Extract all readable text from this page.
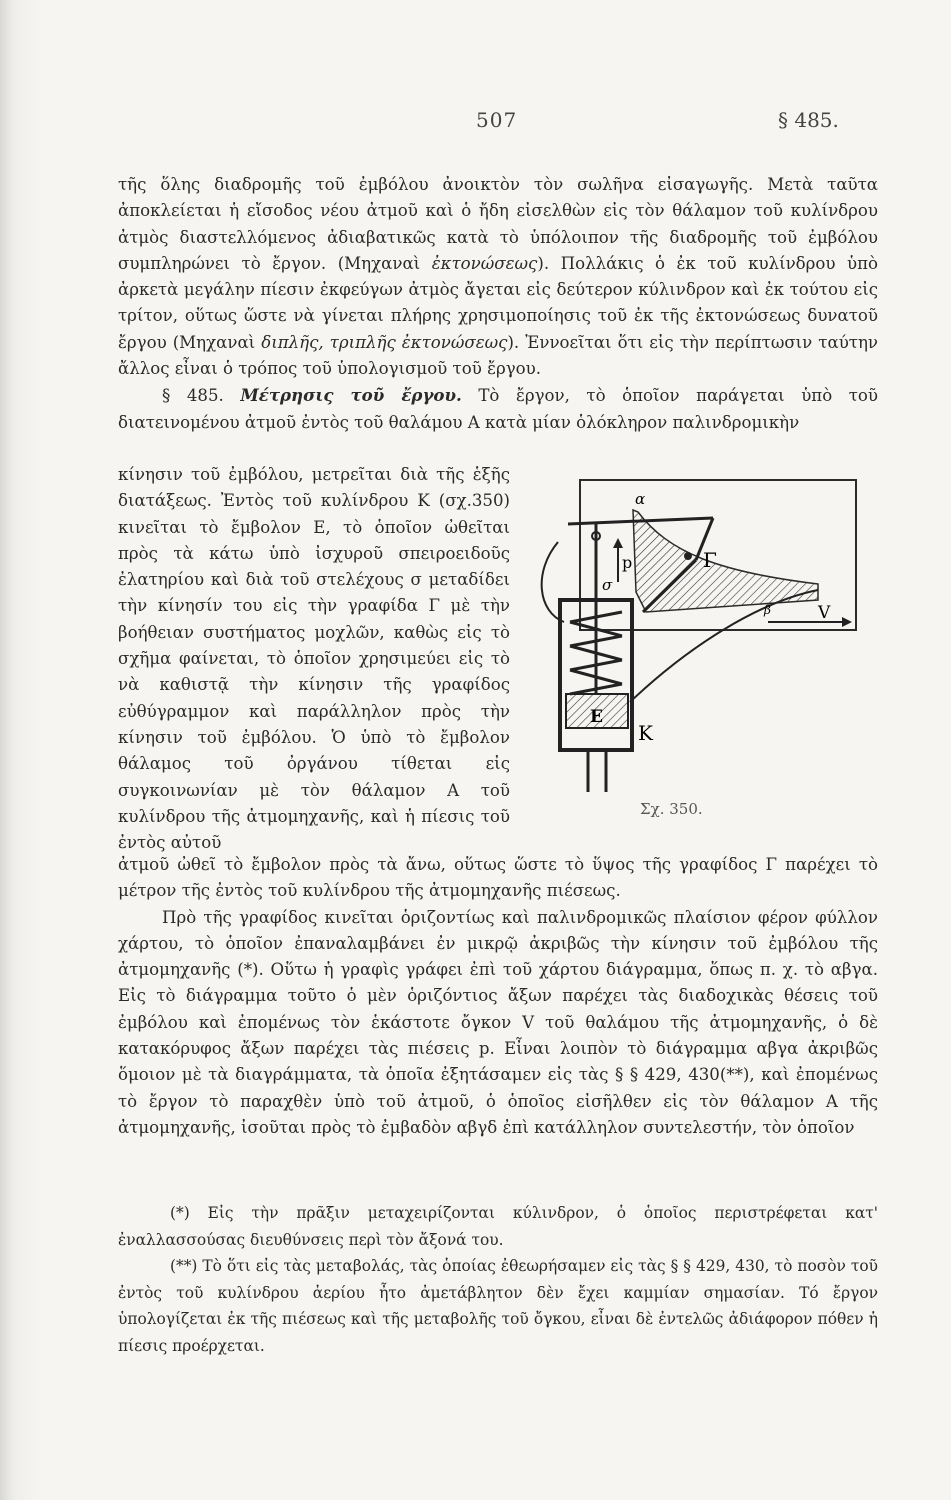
507	§ 485.

τῆς ὅλης διαδρομῆς τοῦ ἐμβόλου ἀνοικτὸν τὸν σωλῆνα εἰσαγωγῆς. Μετὰ ταῦτα ἀποκλείεται ἡ εἴσοδος νέου ἀτμοῦ καὶ ὁ ἤδη εἰσελθὼν εἰς τὸν θάλαμον τοῦ κυλίνδρου ἀτμὸς διαστελλόμενος ἀδιαβατικῶς κατὰ τὸ ὑπόλοιπον τῆς διαδρομῆς τοῦ ἐμβόλου συμπληρώνει τὸ ἔργον. (Μηχαναὶ ἐκτονώσεως). Πολλάκις ὁ ἐκ τοῦ κυλίνδρου ὑπὸ ἀρκετὰ μεγάλην πίεσιν ἐκφεύγων ἀτμὸς ἄγεται εἰς δεύτερον κύλινδρον καὶ ἐκ τούτου εἰς τρίτον, οὕτως ὥστε νὰ γίνεται πλήρης χρησιμοποίησις τοῦ ἐκ τῆς ἐκτονώσεως δυνατοῦ ἔργου (Μηχαναὶ διπλῆς, τριπλῆς ἐκτονώσεως). Ἐννοεῖται ὅτι εἰς τὴν περίπτωσιν ταύτην ἄλλος εἶναι ὁ τρόπος τοῦ ὑπολογισμοῦ τοῦ ἔργου.

§ 485. Μέτρησις τοῦ ἔργου. Τὸ ἔργον, τὸ ὁποῖον παράγεται ὑπὸ τοῦ διατεινομένου ἀτμοῦ ἐντὸς τοῦ θαλάμου Α κατὰ μίαν ὁλόκληρον παλινδρομικὴν

κίνησιν τοῦ ἐμβόλου, μετρεῖται διὰ τῆς ἑξῆς διατάξεως. Ἐντὸς τοῦ κυλίνδρου Κ (σχ.350) κινεῖται τὸ ἔμβολον Ε, τὸ ὁποῖον ὠθεῖται πρὸς τὰ κάτω ὑπὸ ἰσχυροῦ σπειροειδοῦς ἐλατηρίου καὶ διὰ τοῦ στελέχους σ μεταδίδει τὴν κίνησίν του εἰς τὴν γραφίδα Γ μὲ τὴν βοήθειαν συστήματος μοχλῶν, καθὼς εἰς τὸ σχῆμα φαίνεται, τὸ ὁποῖον χρησιμεύει εἰς τὸ νὰ καθιστᾷ τὴν κίνησιν τῆς γραφίδος εὐθύγραμμον καὶ παράλληλον πρὸς τὴν κίνησιν τοῦ ἐμβόλου. Ὁ ὑπὸ τὸ ἔμβολον θάλαμος τοῦ ὀργάνου τίθεται εἰς συγκοινωνίαν μὲ τὸν θάλαμον Α τοῦ κυλίνδρου τῆς ἀτμομηχανῆς, καὶ ἡ πίεσις τοῦ ἐντὸς αὐτοῦ
α
β
Γ
p
σ
V
E
K
Σχ. 350.

ἀτμοῦ ὠθεῖ τὸ ἔμβολον πρὸς τὰ ἄνω, οὕτως ὥστε τὸ ὕψος τῆς γραφίδος Γ παρέχει τὸ μέτρον τῆς ἐντὸς τοῦ κυλίνδρου τῆς ἀτμομηχανῆς πιέσεως.

Πρὸ τῆς γραφίδος κινεῖται ὁριζοντίως καὶ παλινδρομικῶς πλαίσιον φέρον φύλλον χάρτου, τὸ ὁποῖον ἐπαναλαμβάνει ἐν μικρῷ ἀκριβῶς τὴν κίνησιν τοῦ ἐμβόλου τῆς ἀτμομηχανῆς (*). Οὕτω ἡ γραφὶς γράφει ἐπὶ τοῦ χάρτου διάγραμμα, ὅπως π. χ. τὸ αβγα. Εἰς τὸ διάγραμμα τοῦτο ὁ μὲν ὁριζόντιος ἄξων παρέχει τὰς διαδοχικὰς θέσεις τοῦ ἐμβόλου καὶ ἐπομένως τὸν ἑκάστοτε ὄγκον V τοῦ θαλάμου τῆς ἀτμομηχανῆς, ὁ δὲ κατακόρυφος ἄξων παρέχει τὰς πιέσεις p. Εἶναι λοιπὸν τὸ διάγραμμα αβγα ἀκριβῶς ὅμοιον μὲ τὰ διαγράμματα, τὰ ὁποῖα ἐξητάσαμεν εἰς τὰς § § 429, 430(**), καὶ ἐπομένως τὸ ἔργον τὸ παραχθὲν ὑπὸ τοῦ ἀτμοῦ, ὁ ὁποῖος εἰσῆλθεν εἰς τὸν θάλαμον Α τῆς ἀτμομηχανῆς, ἰσοῦται πρὸς τὸ ἐμβαδὸν αβγδ ἐπὶ κατάλληλον συντελεστήν, τὸν ὁποῖον

(*) Εἰς τὴν πρᾶξιν μεταχειρίζονται κύλινδρον, ὁ ὁποῖος περιστρέφεται κατ' ἐναλλασσούσας διευθύνσεις περὶ τὸν ἄξονά του.

(**) Τὸ ὅτι εἰς τὰς μεταβολάς, τὰς ὁποίας ἐθεωρήσαμεν εἰς τὰς § § 429, 430, τὸ ποσὸν τοῦ ἐντὸς τοῦ κυλίνδρου ἀερίου ἦτο ἀμετάβλητον δὲν ἔχει καμμίαν σημασίαν. Τό ἔργον ὑπολογίζεται ἐκ τῆς πιέσεως καὶ τῆς μεταβολῆς τοῦ ὄγκου, εἶναι δὲ ἐντελῶς ἀδιάφορον πόθεν ἡ πίεσις προέρχεται.
